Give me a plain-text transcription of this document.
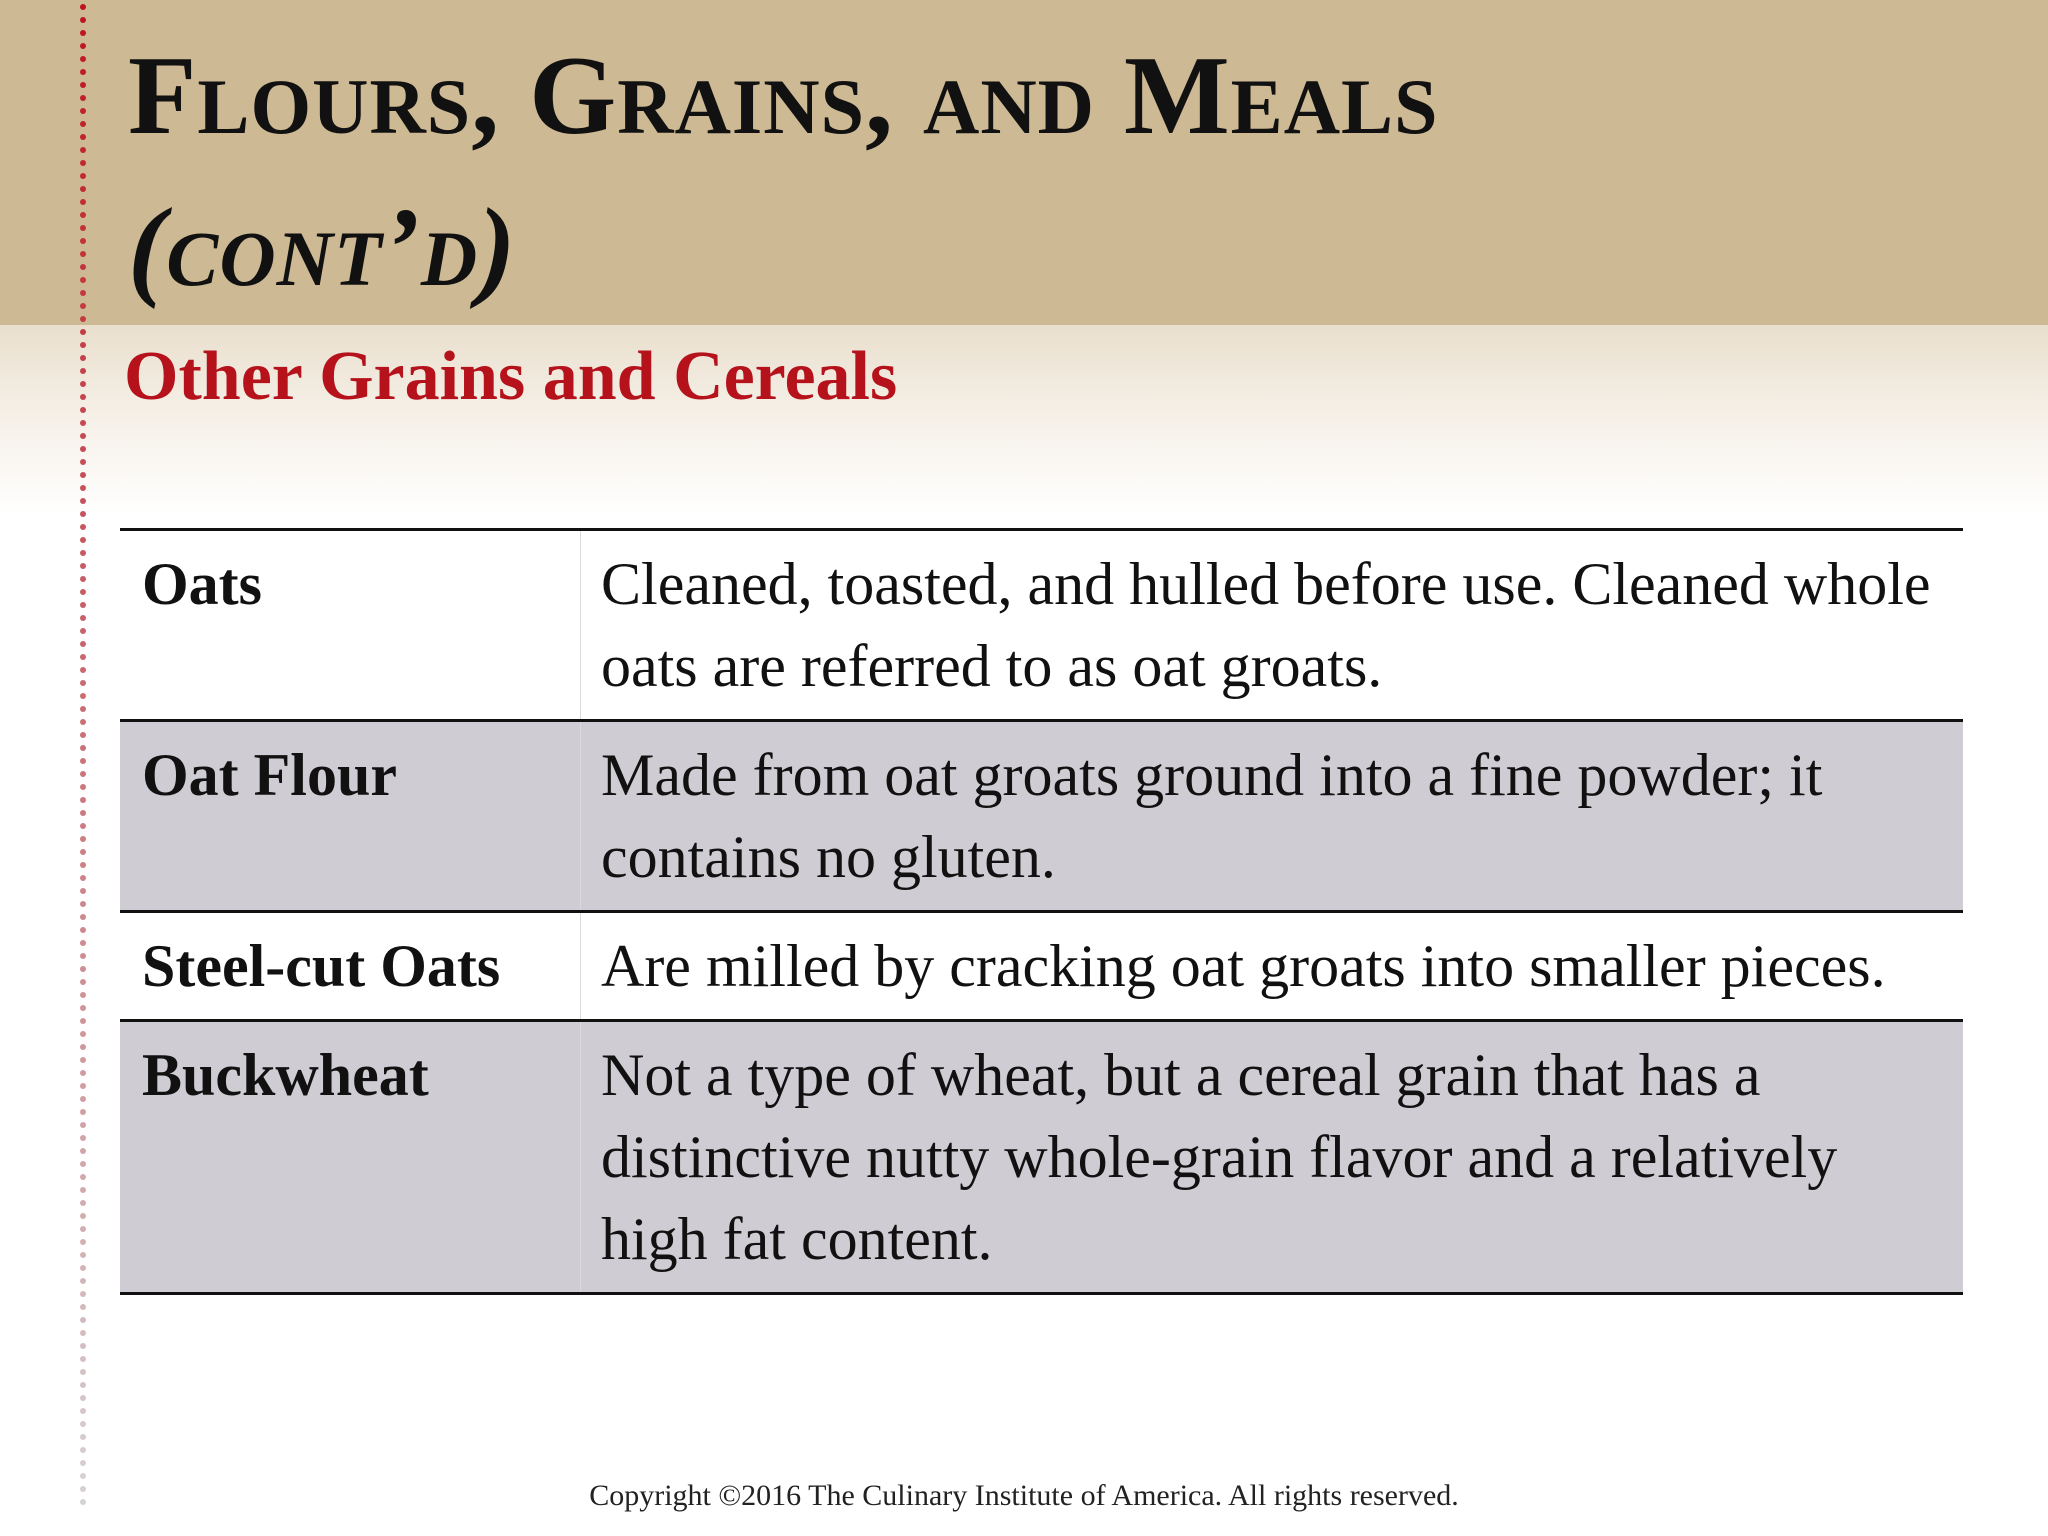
Flours, Grains, and Meals
(cont’d)
Other Grains and Cereals
Oats	Cleaned, toasted, and hulled before use. Cleaned whole oats are referred to as oat groats.
Oat Flour	Made from oat groats ground into a fine powder; it contains no gluten.
Steel-cut Oats	Are milled by cracking oat groats into smaller pieces.
Buckwheat	Not a type of wheat, but a cereal grain that has a distinctive nutty whole-grain flavor and a relatively high fat content.
Copyright ©2016 The Culinary Institute of America. All rights reserved.
